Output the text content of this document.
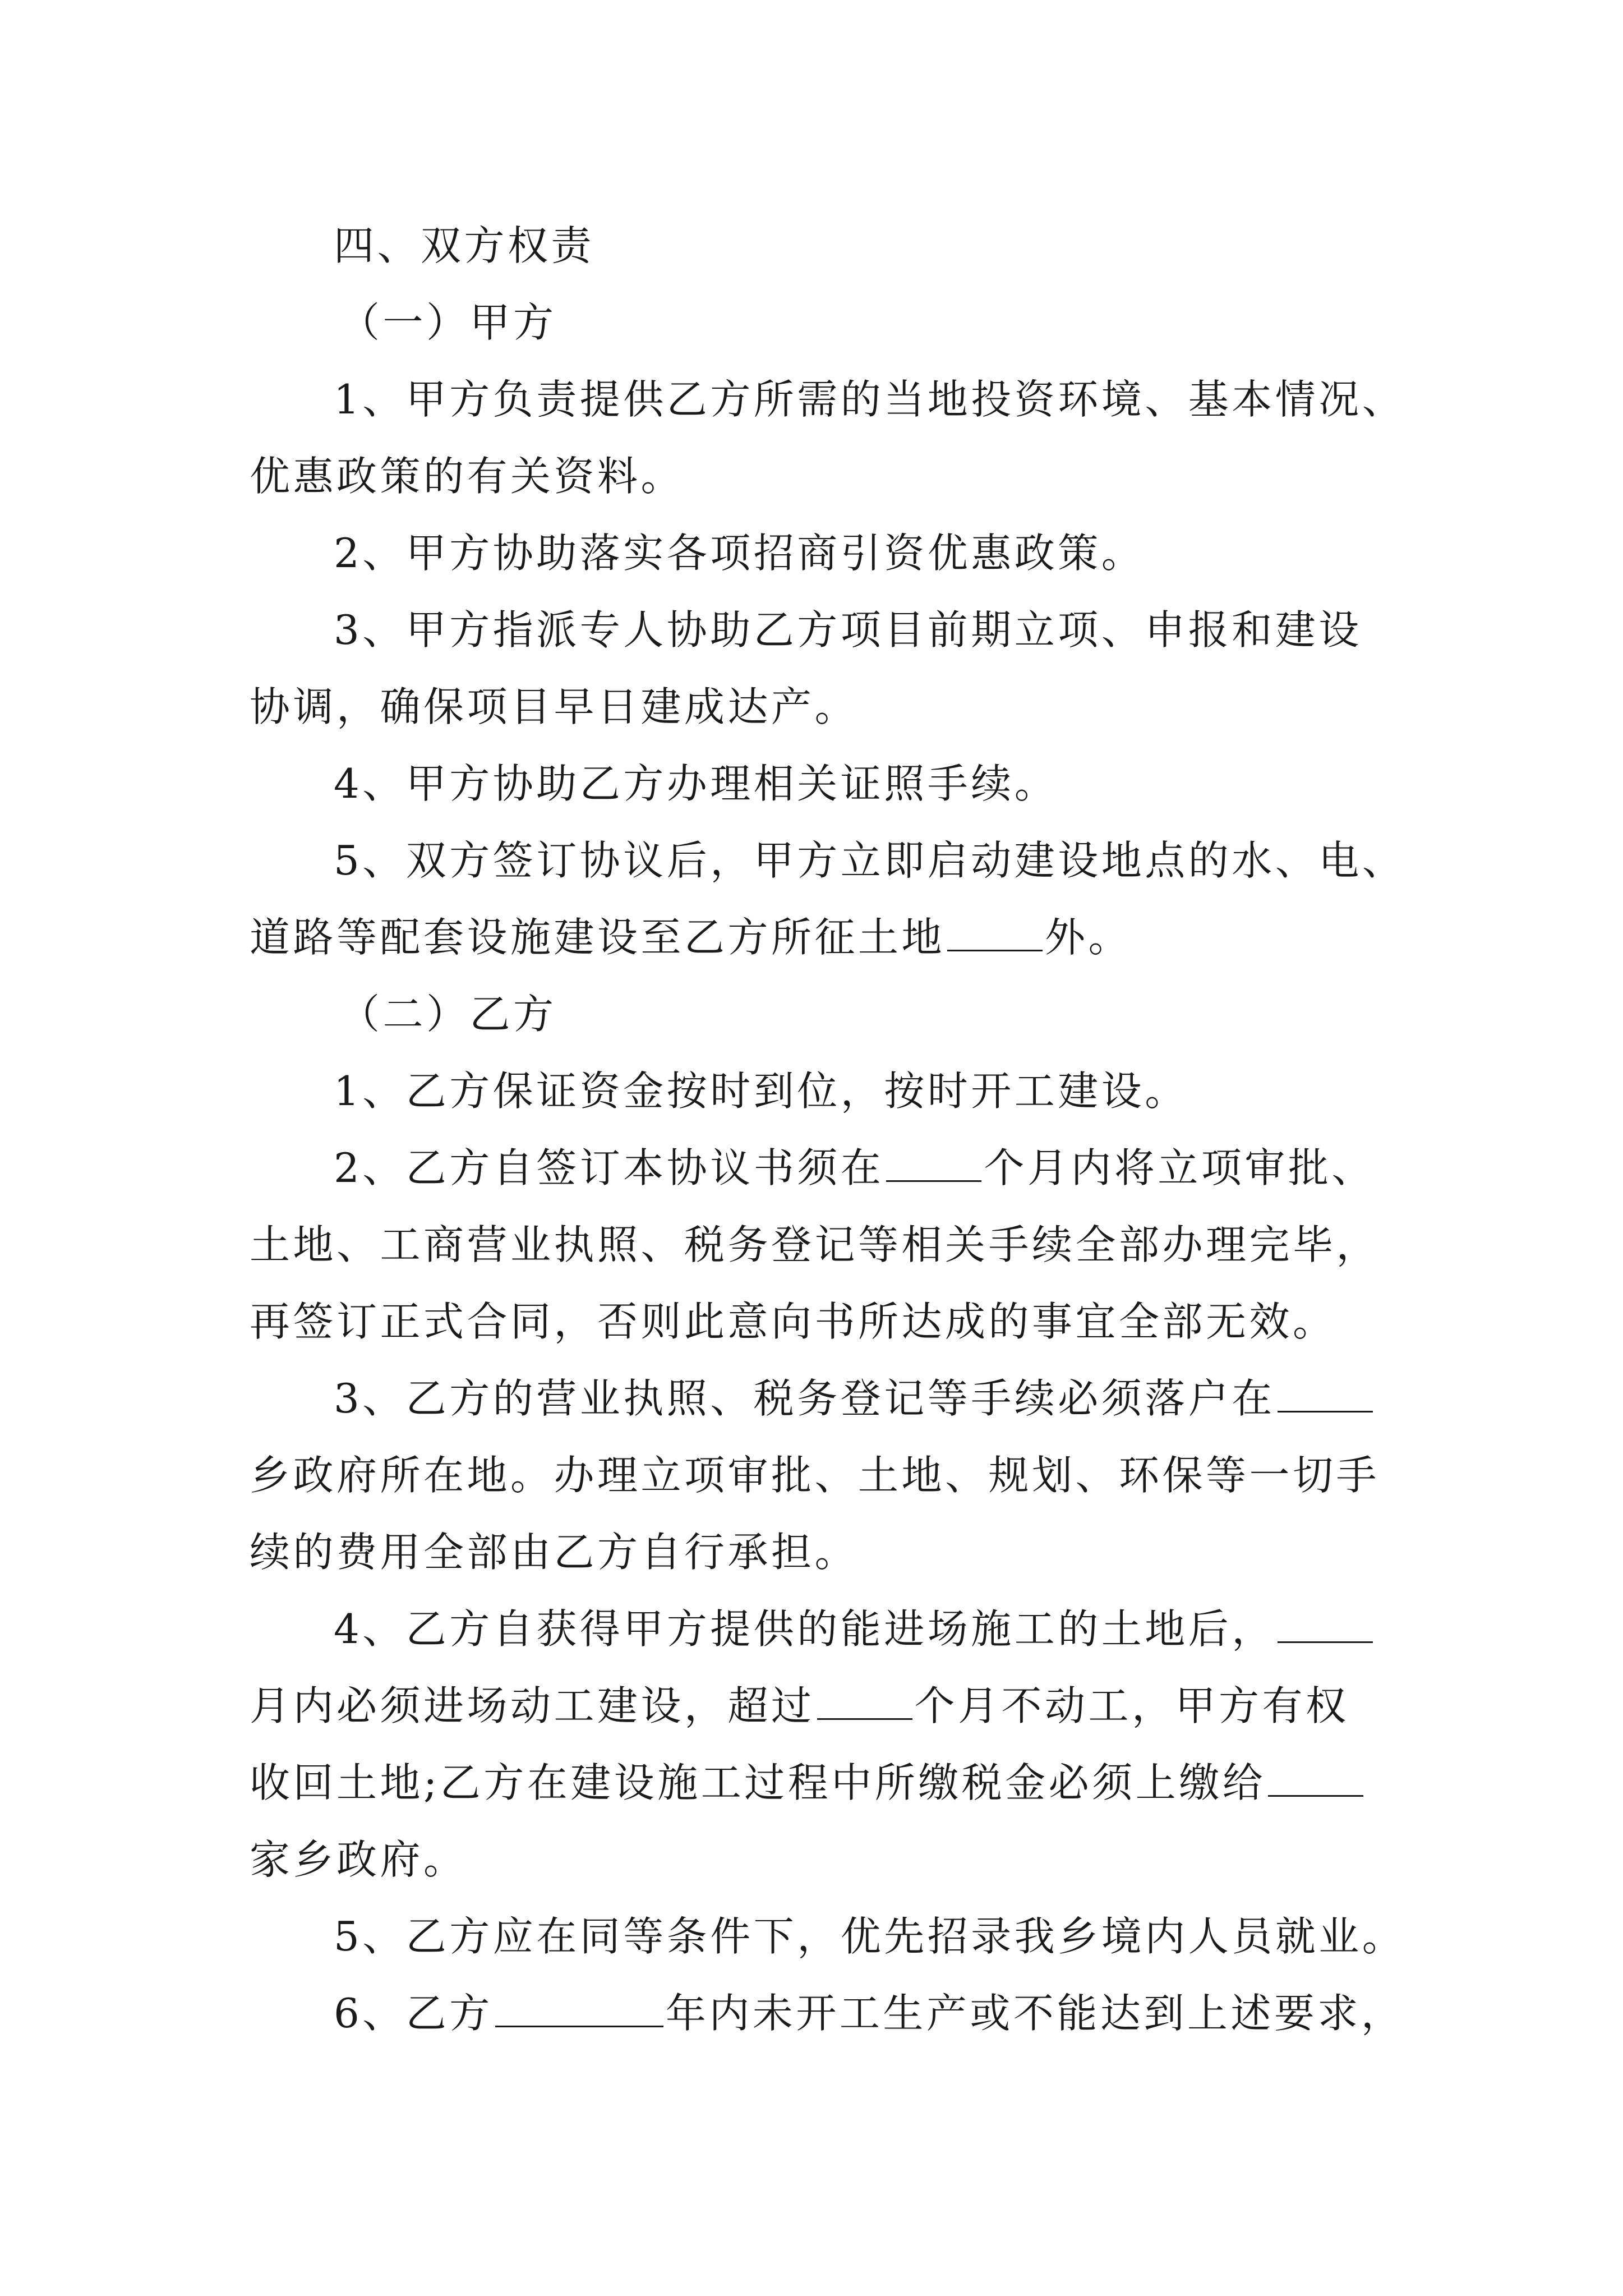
四、双方权责
（一）甲方
1、甲方负责提供乙方所需的当地投资环境、基本情况、
优惠政策的有关资料。
2、甲方协助落实各项招商引资优惠政策。
3、甲方指派专人协助乙方项目前期立项、申报和建设
协调，确保项目早日建成达产。
4、甲方协助乙方办理相关证照手续。
5、双方签订协议后，甲方立即启动建设地点的水、电、
道路等配套设施建设至乙方所征土地 外。
（二）乙方
1、乙方保证资金按时到位，按时开工建设。
2、乙方自签订本协议书须在 个月内将立项审批、
土地、工商营业执照、税务登记等相关手续全部办理完毕，
再签订正式合同，否则此意向书所达成的事宜全部无效。
3、乙方的营业执照、税务登记等手续必须落户在
乡政府所在地。办理立项审批、土地、规划、环保等一切手
续的费用全部由乙方自行承担。
4、乙方自获得甲方提供的能进场施工的土地后，
月内必须进场动工建设，超过 个月不动工，甲方有权
收回土地;乙方在建设施工过程中所缴税金必须上缴给
家乡政府。
5、乙方应在同等条件下，优先招录我乡境内人员就业。
6、乙方	年内未开工生产或不能达到上述要求，
